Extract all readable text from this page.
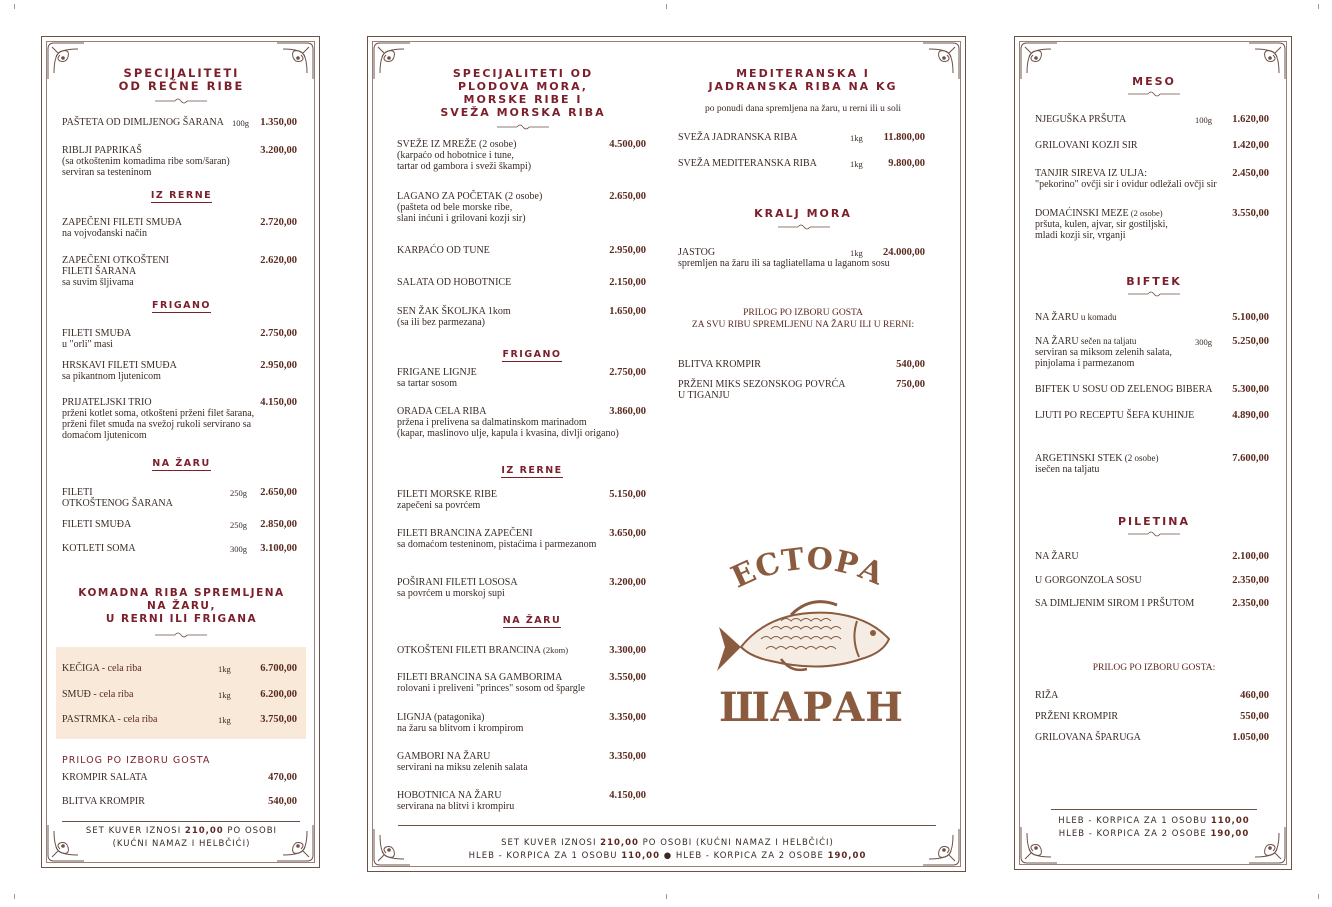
SPECIJALITETI
OD REČNE RIBE
PAŠTETA OD DIMLJENOG ŠARANA 100g 1.350,00
RIBLJI PAPRIKAŠ
(sa otkoštenim komadima ribe som/šaran)
serviran sa testeninom
3.200,00
IZ RERNE
ZAPEČENI FILETI SMUĐA
na vojvođanski način
2.720,00
ZAPEČENI OTKOŠTENI
FILETI ŠARANA
sa suvim šljivama
2.620,00
FRIGANO
FILETI SMUĐA
u "orli" masi
2.750,00
HRSKAVI FILETI SMUĐA
sa pikantnom ljutenicom
2.950,00
PRIJATELJSKI TRIO
prženi kotlet soma, otkošteni prženi filet šarana,
prženi filet smuđa na svežoj rukoli servirano sa
domaćom ljutenicom
4.150,00
NA ŽARU
FILETI
OTKOŠTENOG ŠARANA
250g 2.650,00
FILETI SMUĐA	250g 2.850,00
KOTLETI SOMA	300g 3.100,00
KOMADNA RIBA SPREMLJENA
NA ŽARU,
U RERNI ILI FRIGANA
KEČIGA - cela riba	1kg	6.700,00
SMUĐ - cela riba	1kg	6.200,00
PASTRMKA - cela riba	1kg	3.750,00
PRILOG PO IZBORU GOSTA
KROMPIR SALATA	470,00
BLITVA KROMPIR	540,00
SET KUVER IZNOSI 210,00 PO OSOBI
(KUĆNI NAMAZ I HELBČIĆI)
SPECIJALITETI OD
PLODOVA MORA,
MORSKE RIBE I
SVEŽA MORSKA RIBA
SVEŽE IZ MREŽE (2 osobe)
(karpaćo od hobotnice i tune,
tartar od gambora i sveži škampi)
4.500,00
LAGANO ZA POČETAK (2 osobe)
(pašteta od bele morske ribe,
slani inćuni i grilovani kozji sir)
2.650,00
KARPAĆO OD TUNE	2.950,00
SALATA OD HOBOTNICE	2.150,00
SEN ŽAK ŠKOLJKA 1kom
(sa ili bez parmezana)
1.650,00
FRIGANO
FRIGANE LIGNJE
sa tartar sosom
2.750,00
ORADA CELA RIBA
pržena i prelivena sa dalmatinskom marinadom
(kapar, maslinovo ulje, kapula i kvasina, divlji origano)
3.860,00
IZ RERNE
FILETI MORSKE RIBE
zapečeni sa povrćem
5.150,00
FILETI BRANCINA ZAPEČENI
sa domaćom testeninom, pistaćima i parmezanom
3.650,00
POŠIRANI FILETI LOSOSA
sa povrćem u morskoj supi
3.200,00
NA ŽARU
OTKOŠTENI FILETI BRANCINA (2kom)	3.300,00
FILETI BRANCINA SA GAMBORIMA
rolovani i preliveni "princes" sosom od špargle
3.550,00
LIGNJA (patagonika)
na žaru sa blitvom i krompirom
3.350,00
GAMBORI NA ŽARU
servirani na miksu zelenih salata
3.350,00
HOBOTNICA NA ŽARU
servirana na blitvi i krompiru
4.150,00
MEDITERANSKA I
JADRANSKA RIBA NA KG
po ponudi dana spremljena na žaru, u rerni ili u soli
SVEŽA JADRANSKA RIBA	1kg	11.800,00
SVEŽA MEDITERANSKA RIBA	1kg	9.800,00
KRALJ MORA
JASTOG
spremljen na žaru ili sa tagliatellama u laganom sosu
1kg	24.000,00
PRILOG PO IZBORU GOSTA
ZA SVU RIBU SPREMLJENU NA ŽARU ILI U RERNI:
BLITVA KROMPIR	540,00
PRŽENI MIKS SEZONSKOG POVRĆA
U TIGANJU
750,00
ЕСТОРА
ШАРАН
SET KUVER IZNOSI 210,00 PO OSOBI (KUĆNI NAMAZ I HELBČIĆI)
HLEB - KORPICA ZA 1 OSOBU 110,00 ● HLEB - KORPICA ZA 2 OSOBE 190,00
MESO
NJEGUŠKA PRŠUTA	100g 1.620,00
GRILOVANI KOZJI SIR	1.420,00
TANJIR SIREVA IZ ULJA:
"pekorino" ovčji sir i ovidur odležali ovčji sir
2.450,00
DOMAĆINSKI MEZE (2 osobe)
pršuta, kulen, ajvar, sir gostiljski,
mladi kozji sir, vrganji
3.550,00
BIFTEK
NA ŽARU u komadu	5.100,00
NA ŽARU sečen na taljatu
serviran sa miksom zelenih salata,
pinjolama i parmezanom
300g 5.250,00
BIFTEK U SOSU OD ZELENOG BIBERA 5.300,00
LJUTI PO RECEPTU ŠEFA KUHINJE	4.890,00
ARGETINSKI STEK (2 osobe)
isečen na taljatu
7.600,00
PILETINA
NA ŽARU	2.100,00
U GORGONZOLA SOSU	2.350,00
SA DIMLJENIM SIROM I PRŠUTOM	2.350,00
PRILOG PO IZBORU GOSTA:
RIŽA	460,00
PRŽENI KROMPIR	550,00
GRILOVANA ŠPARUGA	1.050,00
HLEB - KORPICA ZA 1 OSOBU 110,00
HLEB - KORPICA ZA 2 OSOBE 190,00
